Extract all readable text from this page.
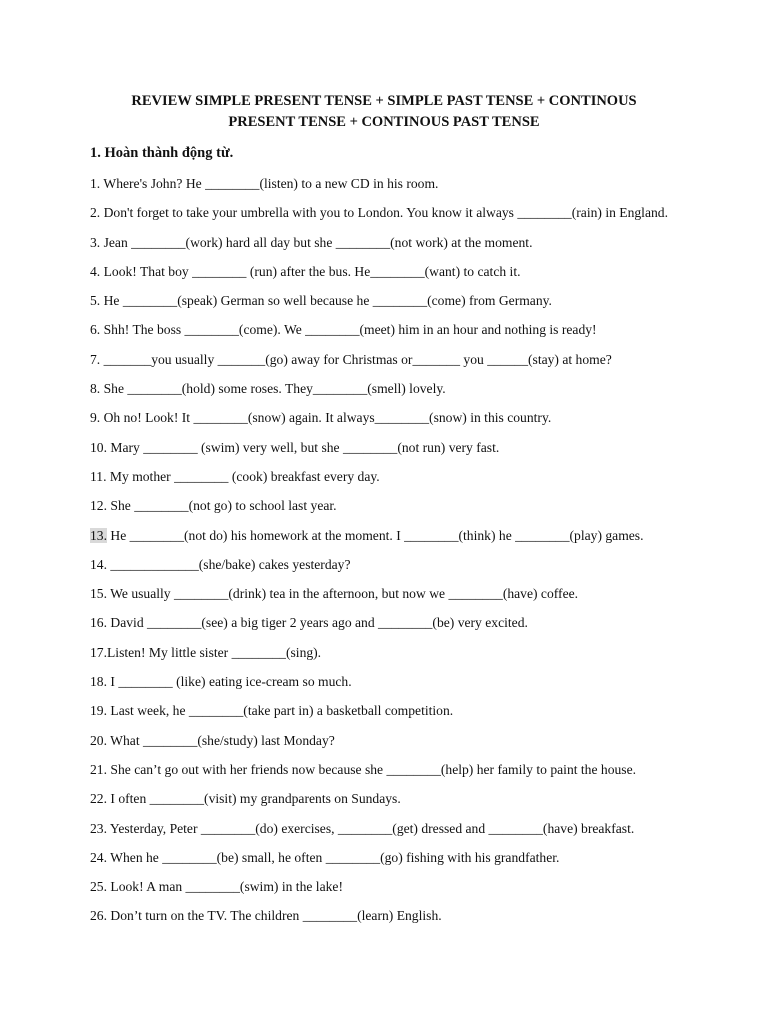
REVIEW SIMPLE PRESENT TENSE + SIMPLE PAST TENSE + CONTINOUS
PRESENT TENSE + CONTINOUS PAST TENSE
1. Hoàn thành động từ.
1. Where's John? He ________(listen) to a new CD in his room.
2. Don't forget to take your umbrella with you to London. You know it always ________(rain) in England.
3. Jean ________(work) hard all day but she ________(not work) at the moment.
4. Look! That boy ________ (run) after the bus. He________(want) to catch it.
5. He ________(speak) German so well because he ________(come) from Germany.
6. Shh! The boss ________(come). We ________(meet) him in an hour and nothing is ready!
7. _______you usually _______(go) away for Christmas or_______ you ______(stay) at home?
8. She ________(hold) some roses. They________(smell) lovely.
9. Oh no! Look! It ________(snow) again. It always________(snow) in this country.
10. Mary ________ (swim) very well, but she ________(not run) very fast.
11. My mother ________ (cook) breakfast every day.
12. She ________(not go) to school last year.
13. He ________(not do) his homework at the moment. I ________(think) he ________(play) games.
14. _____________(she/bake) cakes yesterday?
15. We usually ________(drink) tea in the afternoon, but now we ________(have) coffee.
16. David ________(see) a big tiger 2 years ago and ________(be) very excited.
17.Listen! My little sister ________(sing).
18. I ________ (like) eating ice-cream so much.
19. Last week, he ________(take part in) a basketball competition.
20. What ________(she/study) last Monday?
21. She can’t go out with her friends now because she ________(help) her family to paint the house.
22. I often ________(visit) my grandparents on Sundays.
23. Yesterday, Peter ________(do) exercises, ________(get) dressed and ________(have) breakfast.
24. When he ________(be) small, he often ________(go) fishing with his grandfather.
25. Look! A man ________(swim) in the lake!
26. Don’t turn on the TV. The children ________(learn) English.
